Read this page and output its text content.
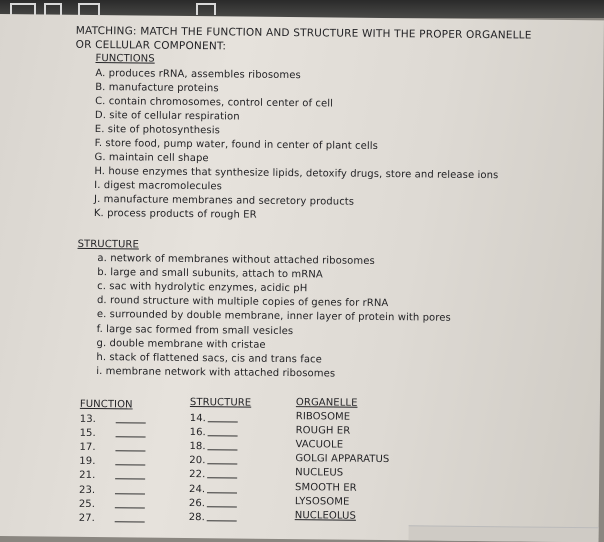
MATCHING: MATCH THE FUNCTION AND STRUCTURE WITH THE PROPER ORGANELLE
OR CELLULAR COMPONENT:
FUNCTIONS
A. produces rRNA, assembles ribosomes
B. manufacture proteins
C. contain chromosomes, control center of cell
D. site of cellular respiration
E. site of photosynthesis
F. store food, pump water, found in center of plant cells
G. maintain cell shape
H. house enzymes that synthesize lipids, detoxify drugs, store and release ions
I. digest macromolecules
J. manufacture membranes and secretory products
K. process products of rough ER
STRUCTURE
a. network of membranes without attached ribosomes
b. large and small subunits, attach to mRNA
c. sac with hydrolytic enzymes, acidic pH
d. round structure with multiple copies of genes for rRNA
e. surrounded by double membrane, inner layer of protein with pores
f. large sac formed from small vesicles
g. double membrane with cristae
h. stack of flattened sacs, cis and trans face
i. membrane network with attached ribosomes
FUNCTION	STRUCTURE	ORGANELLE
13.
15.
17.
19.
21.
23.
25.
27.
14.
16.
18.
20.
22.
24.
26.
28.
RIBOSOME
ROUGH ER
VACUOLE
GOLGI APPARATUS
NUCLEUS
SMOOTH ER
LYSOSOME
NUCLEOLUS
